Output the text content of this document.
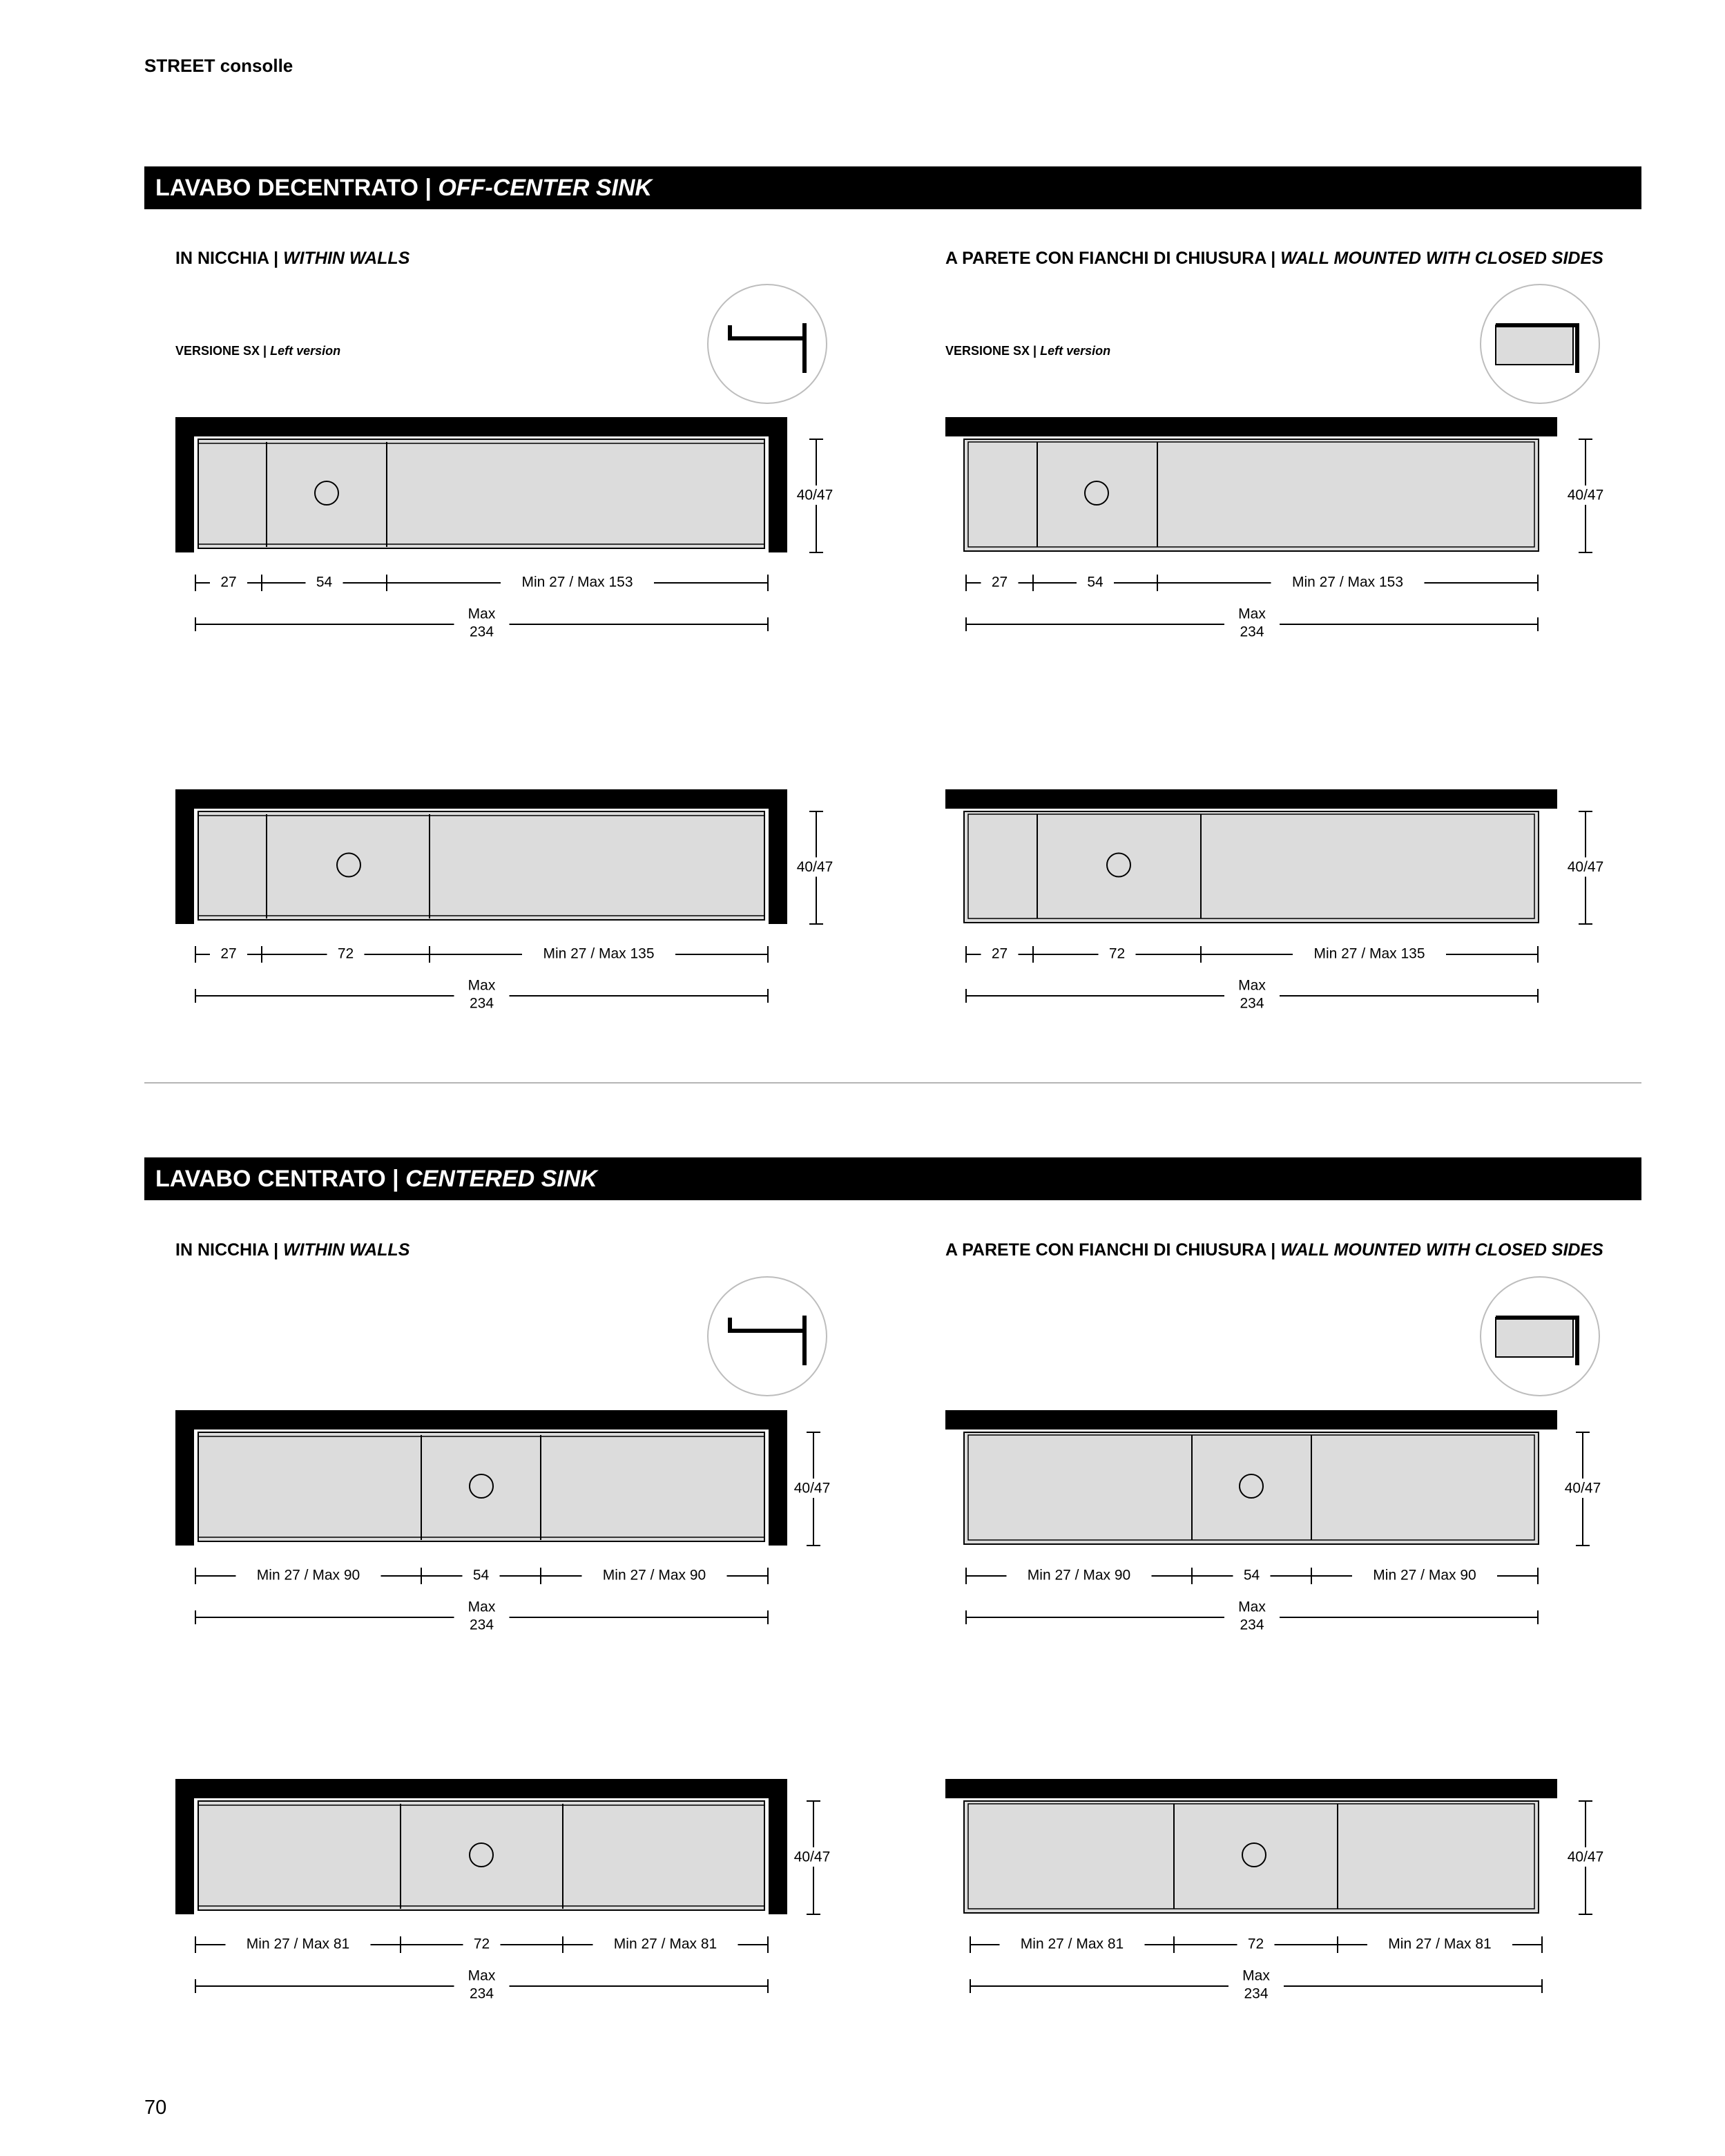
STREET consolle
LAVABO DECENTRATO | OFF-CENTER SINK
IN NICCHIA | WITHIN WALLS	A PARETE CON FIANCHI DI CHIUSURA | WALL MOUNTED WITH CLOSED SIDES
VERSIONE SX | Left version	VERSIONE SX | Left version
LAVABO CENTRATO | CENTERED SINK
IN NICCHIA | WITHIN WALLS	A PARETE CON FIANCHI DI CHIUSURA | WALL MOUNTED WITH CLOSED SIDES
40/47
27	54	Min 27 / Max 153
Max
234
40/47
27	54	Min 27 / Max 153
Max
234
40/47
27	72	Min 27 / Max 135
Max
234
40/47
27	72	Min 27 / Max 135
Max
234
40/47
Min 27 / Max 90	54	Min 27 / Max 90
Max
234
40/47
Min 27 / Max 90	54	Min 27 / Max 90
Max
234
40/47
Min 27 / Max 81	72	Min 27 / Max 81
Max
234
40/47
Min 27 / Max 81	72	Min 27 / Max 81
Max
234
70
